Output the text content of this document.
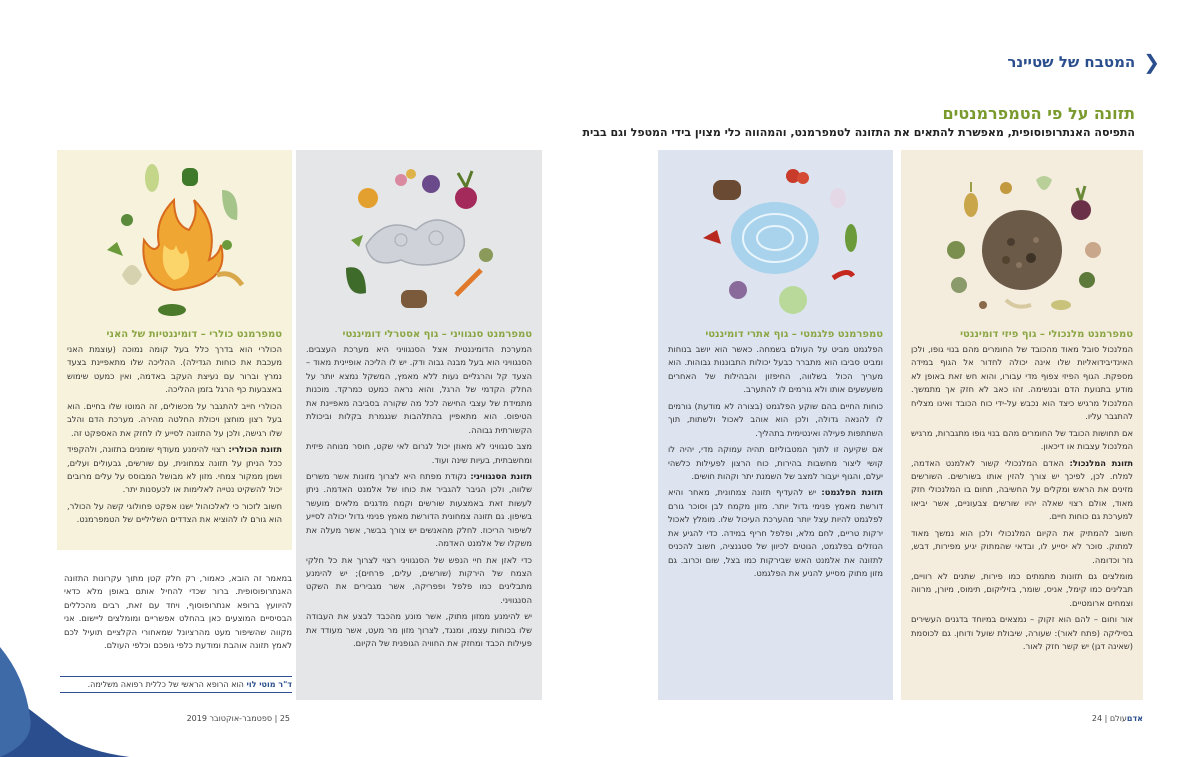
❮
המטבח של שטיינר
תזונה על פי הטמפרמנטים
התפיסה האנתרופוסופית, מאפשרת להתאים את התזונה לטמפרמנט, והמהווה כלי מצוין בידי המטפל וגם בבית
טמפרמנט מלנכולי – גוף פיזי דומיננטי

המלנכול סובל מאוד מהכובד של החומרים מהם בנוי גופו, ולכן האינדיבידואליות שלו אינה יכולה לחדור אל הגוף במידה מספקת. הגוף הפיזי צפוף מדי עבורו, והוא חש זאת באופן לא מודע בתנועת הדם ובנשימה. זהו כאב לא חזק אך מתמשך. המלנכול מרגיש כיצד הוא נכבש על-ידי כוח הכובד ואינו מצליח להתגבר עליו.

אם תחושות הכובד של החומרים מהם בנוי גופו מתגברות, מרגיש המלנכול עצבות או דיכאון.

תזונת המלנכול: האדם המלנכולי קשור לאלמנט האדמה, למלח. לכן, לפיכך יש צורך להזין אותו בשורשים. השורשים מזינים את הראש ומקלים על החשיבה, תחום בו המלנכולי חזק מאוד, אולם רצוי שאלה יהיו שורשים צבעוניים, אשר יביאו למערכת גם כוחות חיים.

חשוב להמתיק את הקיום המלנכולי ולכן הוא נמשך מאוד למתוק. סוכר לא יסייע לו, ובדאי שהמתוק יגיע מפירות, דבש, גזר וכדומה.

מומלצים גם תזונות מתמתים כמו פירות, שתנים לא רוויים, תבלינים כמו קימל, אניס, שומר, בזיליקום, תימוס, מיורן, מרווה וצמחים ארומטיים.

אור וחום – להם הוא זקוק – נמצאים במיוחד בדגנים העשירים בסיליקה (פתח לאור): שעורה, שיבולת שועל ודוחן. גם לכוסמת (שאינה דגן) יש קשר חזק לאור.

טמפרמנט פלגמטי – גוף אתרי דומיננטי

הפלגמט מביט על העולם בשמחה. כאשר הוא יושב בנוחות ומביט סביבו הוא מתברר כבעל יכולות התבוננות גבוהות. הוא מעריך הכול בשלווה, החיפזון והבהילות של האחרים משעשעים אותו ולא גורמים לו להתערב.

כוחות החיים בהם שוקע הפלגמט (בצורה לא מודעת) גורמים לו להנאה גדולה, ולכן הוא אוהב לאכול ולשתות, תוך השתתפות פעילה ואינטימית בתהליך.

אם שקיעה זו לתוך המטבוליזם תהיה עמוקה מדי, יהיה לו קושי ליצור מחשבות בהירות, כוח הרצון לפעילות כלשהי יעלם, והגוף יעבור למצב של השמנת יתר וקהות חושים.

תזונת הפלגמט: יש להעדיף תזונה צמחונית, מאחר והיא דורשת מאמץ פנימי גדול יותר. מזון מקמח לבן וסוכר גורם לפלגמט להיות עצל יותר מהערכת העיכול שלו. מומלץ לאכול ירקות טריים, לחם מלא, ופלפל חריף במידה. כדי להגיע את הנוזלים בפלגמט, הגוטים לכיוון של סטגנציה, חשוב להכניס לתזונה את אלמנט האש שבירקות כמו בצל, שום וכרוב. גם מזון מתוק מסייע להניע את הפלגמט.

טמפרמנט סנגוויני – גוף אסטרלי דומיננטי

המערכת הדומיננטית אצל הסנגוויני היא מערכת העצבים. הסנגוויני הוא בעל מבנה גבוה ודק. יש לו הליכה אופיינית מאוד – הצעד קל והרגליים נעות ללא מאמץ, המשקל נמצא יותר על החלק הקדמי של הרגל, והוא נראה כמעט כמרקד. מוכנות מתמידת של עצבי החישה לכל מה שקורה בסביבה מאפיינת את הטיפוס. הוא מתאפיין בהתלהבות שנגמרת בקלות וביכולת הקשורתית גבוהה.

מצב סנגוויני לא מאוזן יכול לגרום לאי שקט, חוסר מנוחה פיזית ומחשבתית, בעיות שינה ועוד.

תזונת הסנגוויני: נקודת מפתח היא לצרוך מזונות אשר משרים שלווה, ולכן הגיבר להגביר את כוחו של אלמנט האדמה. ניתן לעשות זאת באמצעות שורשים וקמח מדגנים מלאים מועשר בשיפון. גם תזונה צמחונית הדורשת מאמץ פנימי גדול יכולה לסייע לשיפור הריכוז. לחלק מהאנשים יש צורך בבשר, אשר מעלה את משקלו של אלמנט האדמה.

כדי לאזן את חיי הנפש של הסנגוויני רצוי לצרוך את כל חלקי הצמח של הירקות (שורשים, עלים, פרחים); יש להימנע מתבלינים כמו פלפל ופפריקה, אשר מגבירים את השקט הסנגוויני.

יש להימנע ממזון מתוק, אשר מונע מהכבד לבצע את העבודה שלו בכוחות עצמו, ומנגד, לצרוך מזון מר מעט, אשר מעודד את פעילות הכבד ומחזק את החוויה הגופנית של הקיום.

טמפרמנט כולרי – דומיננטיות של האני

הכולרי הוא בדרך כלל בעל קומה נמוכה (עוצמת האני מעכבת את כוחות הגדילה). ההליכה שלו מתאפיינת בצעד נמרץ וברור עם נעיצת העקב באדמה, ואין כמעט שימוש באצבעות כף הרגל בזמן ההליכה.

הכולרי חייב להתגבר על מכשולים, זה המוטו שלו בחיים. הוא בעל רצון מוחצן ויכולת החלטה מהירה. מערכת הדם והלב שלו רגישה, ולכן על התזונה לסייע לו לחזק את האספקט זה.

תזונת הכולרי: רצוי להימנע מעודף שומנים בתזונה, ולהקפיד ככל הניתן על תזונה צמחונית, עם שורשים, גבעולים ועלים, ושמן ממקור צמחי. מזון לא מבושל המבוסס על עלים מרובים יכול להשקיט נטייה לאלימות או לכעסנות יתר.

חשוב לזכור כי לאלכוהול ישנו אפקט פחולוגי קשה על הכולר, הוא גורם לו להוציא את הצדדים השליליים של הטמפרמנט.

במאמר זה הובא, כאמור, רק חלק קטן מתוך עקרונות התזונה האנתרופוסופית. ברור שכדי להחיל אותם באופן מלא כדאי להיוועץ ברופא אנתרופוסוף, ויחד עם זאת, רבים מהכללים הבסיסיים המוצעים כאן בהחלט אפשריים ומומלצים ליישום. אני מקווה שהשיפור מעט מהרציונל שמאחורי הקלציים תועיל לכם לאמץ תזונה אוהבת ומודעת כלפי גופכם וכלפי העולם.
ד"ר מוטי לוי הוא הרופא הראשי של כללית רפואה משלימה.
אדםעולם | 24
25 | ספטמבר-אוקטובר 2019
